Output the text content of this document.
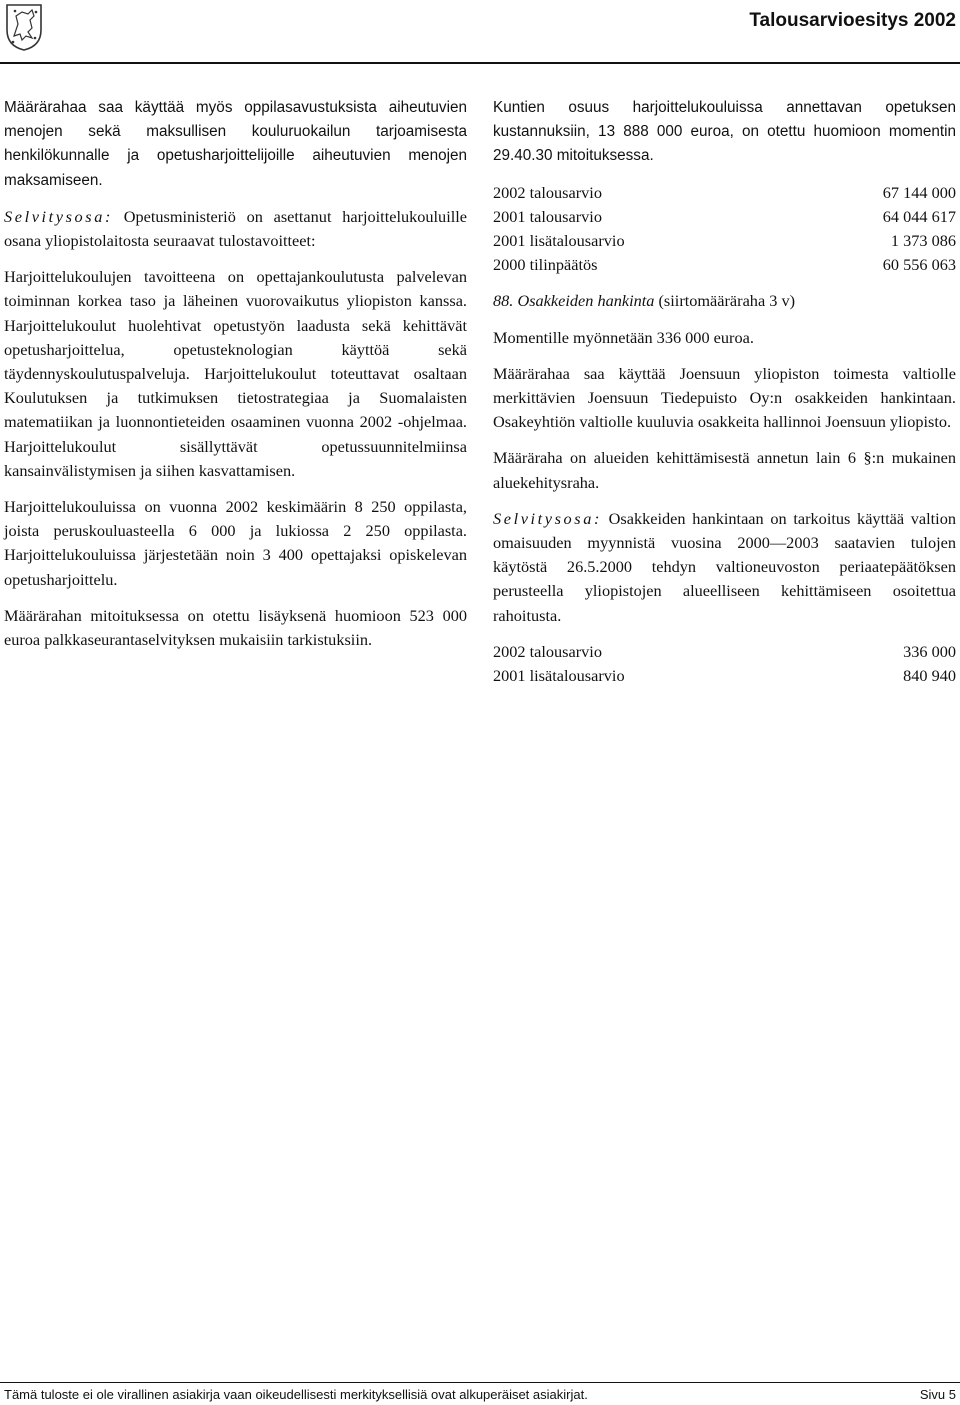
Talousarvioesitys 2002

Määrärahaa saa käyttää myös oppilasavustuksista aiheutuvien menojen sekä maksullisen kouluruokailun tarjoamisesta henkilökunnalle ja opetusharjoittelijoille aiheutuvien menojen maksamiseen.

Selvitysosa: Opetusministeriö on asettanut harjoittelukouluille osana yliopistolaitosta seuraavat tulostavoitteet:

Harjoittelukoulujen tavoitteena on opettajankoulutusta palvelevan toiminnan korkea taso ja läheinen vuorovaikutus yliopiston kanssa. Harjoittelukoulut huolehtivat opetustyön laadusta sekä kehittävät opetusharjoittelua, opetusteknologian käyttöä sekä täydennyskoulutuspalveluja. Harjoittelukoulut toteuttavat osaltaan Koulutuksen ja tutkimuksen tietostrategiaa ja Suomalaisten matematiikan ja luonnontieteiden osaaminen vuonna 2002 -ohjelmaa. Harjoittelukoulut sisällyttävät opetussuunnitelmiinsa kansainvälistymisen ja siihen kasvattamisen.

Harjoittelukouluissa on vuonna 2002 keskimäärin 8 250 oppilasta, joista peruskouluasteella 6 000 ja lukiossa 2 250 oppilasta. Harjoittelukouluissa järjestetään noin 3 400 opettajaksi opiskelevan opetusharjoittelu.

Määrärahan mitoituksessa on otettu lisäyksenä huomioon 523 000 euroa palkkaseurantaselvityksen mukaisiin tarkistuksiin.

Kuntien osuus harjoittelukouluissa annettavan opetuksen kustannuksiin, 13 888 000 euroa, on otettu huomioon momentin 29.40.30 mitoituksessa.

2002 talousarvio	67 144 000
2001 talousarvio	64 044 617
2001 lisätalousarvio	1 373 086
2000 tilinpäätös	60 556 063

88. Osakkeiden hankinta (siirtomääräraha 3 v)

Momentille myönnetään 336 000 euroa.

Määrärahaa saa käyttää Joensuun yliopiston toimesta valtiolle merkittävien Joensuun Tiedepuisto Oy:n osakkeiden hankintaan. Osakeyhtiön valtiolle kuuluvia osakkeita hallinnoi Joensuun yliopisto.

Määräraha on alueiden kehittämisestä annetun lain 6 §:n mukainen aluekehitysraha.

Selvitysosa: Osakkeiden hankintaan on tarkoitus käyttää valtion omaisuuden myynnistä vuosina 2000—2003 saatavien tulojen käytöstä 26.5.2000 tehdyn valtioneuvoston periaatepäätöksen perusteella yliopistojen alueelliseen kehittämiseen osoitettua rahoitusta.

2002 talousarvio	336 000
2001 lisätalousarvio	840 940
Tämä tuloste ei ole virallinen asiakirja vaan oikeudellisesti merkityksellisiä ovat alkuperäiset asiakirjat.	Sivu 5
